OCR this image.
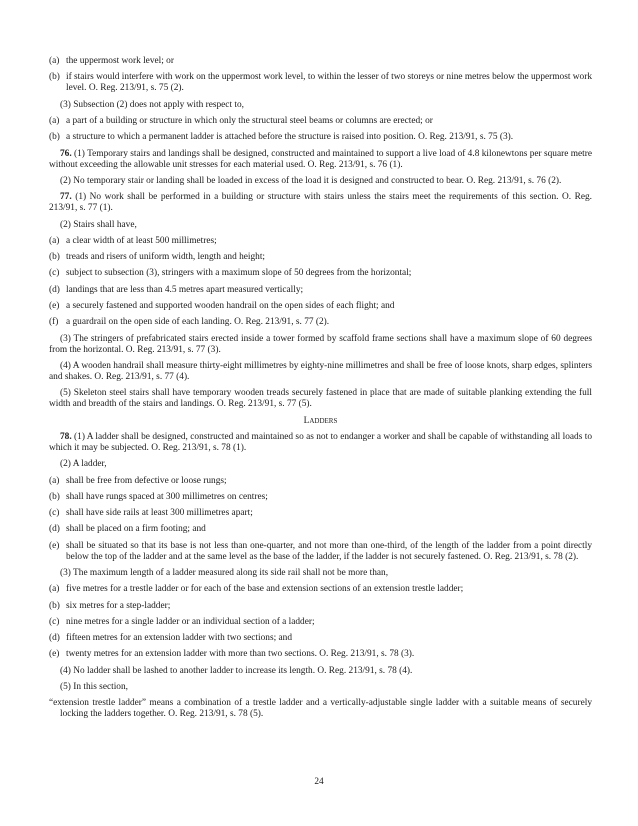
(a) the uppermost work level; or
(b) if stairs would interfere with work on the uppermost work level, to within the lesser of two storeys or nine metres below the uppermost work level. O. Reg. 213/91, s. 75 (2).
(3) Subsection (2) does not apply with respect to,
(a) a part of a building or structure in which only the structural steel beams or columns are erected; or
(b) a structure to which a permanent ladder is attached before the structure is raised into position. O. Reg. 213/91, s. 75 (3).
76. (1) Temporary stairs and landings shall be designed, constructed and maintained to support a live load of 4.8 kilonewtons per square metre without exceeding the allowable unit stresses for each material used. O. Reg. 213/91, s. 76 (1).
(2) No temporary stair or landing shall be loaded in excess of the load it is designed and constructed to bear. O. Reg. 213/91, s. 76 (2).
77. (1) No work shall be performed in a building or structure with stairs unless the stairs meet the requirements of this section. O. Reg. 213/91, s. 77 (1).
(2) Stairs shall have,
(a) a clear width of at least 500 millimetres;
(b) treads and risers of uniform width, length and height;
(c) subject to subsection (3), stringers with a maximum slope of 50 degrees from the horizontal;
(d) landings that are less than 4.5 metres apart measured vertically;
(e) a securely fastened and supported wooden handrail on the open sides of each flight; and
(f) a guardrail on the open side of each landing. O. Reg. 213/91, s. 77 (2).
(3) The stringers of prefabricated stairs erected inside a tower formed by scaffold frame sections shall have a maximum slope of 60 degrees from the horizontal. O. Reg. 213/91, s. 77 (3).
(4) A wooden handrail shall measure thirty-eight millimetres by eighty-nine millimetres and shall be free of loose knots, sharp edges, splinters and shakes. O. Reg. 213/91, s. 77 (4).
(5) Skeleton steel stairs shall have temporary wooden treads securely fastened in place that are made of suitable planking extending the full width and breadth of the stairs and landings. O. Reg. 213/91, s. 77 (5).
Ladders
78. (1) A ladder shall be designed, constructed and maintained so as not to endanger a worker and shall be capable of withstanding all loads to which it may be subjected. O. Reg. 213/91, s. 78 (1).
(2) A ladder,
(a) shall be free from defective or loose rungs;
(b) shall have rungs spaced at 300 millimetres on centres;
(c) shall have side rails at least 300 millimetres apart;
(d) shall be placed on a firm footing; and
(e) shall be situated so that its base is not less than one-quarter, and not more than one-third, of the length of the ladder from a point directly below the top of the ladder and at the same level as the base of the ladder, if the ladder is not securely fastened. O. Reg. 213/91, s. 78 (2).
(3) The maximum length of a ladder measured along its side rail shall not be more than,
(a) five metres for a trestle ladder or for each of the base and extension sections of an extension trestle ladder;
(b) six metres for a step-ladder;
(c) nine metres for a single ladder or an individual section of a ladder;
(d) fifteen metres for an extension ladder with two sections; and
(e) twenty metres for an extension ladder with more than two sections. O. Reg. 213/91, s. 78 (3).
(4) No ladder shall be lashed to another ladder to increase its length. O. Reg. 213/91, s. 78 (4).
(5) In this section,
“extension trestle ladder” means a combination of a trestle ladder and a vertically-adjustable single ladder with a suitable means of securely locking the ladders together. O. Reg. 213/91, s. 78 (5).
24
